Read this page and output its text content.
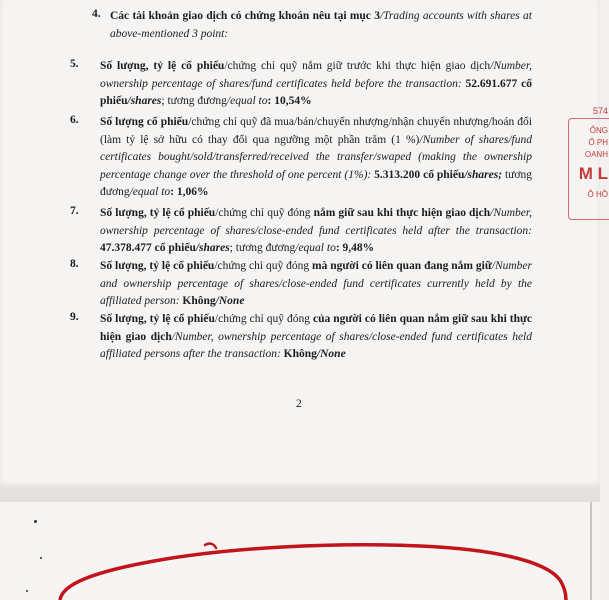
4. Các tài khoản giao dịch có chứng khoán nêu tại mục 3/Trading accounts with shares at above-mentioned 3 point:
5.	Số lượng, tỷ lệ cổ phiếu/chứng chỉ quỹ nắm giữ trước khi thực hiện giao dịch/Number, ownership percentage of shares/fund certificates held before the transaction: 52.691.677 cổ phiếu/shares; tương đương/equal to: 10,54%
6.	Số lượng cổ phiếu/chứng chỉ quỹ đã mua/bán/chuyển nhượng/nhận chuyển nhượng/hoán đổi (làm tỷ lệ sở hữu có thay đổi qua ngưỡng một phần trăm (1 %)/Number of shares/fund certificates bought/sold/transferred/received the transfer/swaped (making the ownership percentage change over the threshold of one percent (1%): 5.313.200 cổ phiếu/shares; tương đương/equal to: 1,06%
7.	Số lượng, tỷ lệ cổ phiếu/chứng chỉ quỹ đóng nắm giữ sau khi thực hiện giao dịch/Number, ownership percentage of shares/close-ended fund certificates held after the transaction: 47.378.477 cổ phiếu/shares; tương đương/equal to: 9,48%
8.	Số lượng, tỷ lệ cổ phiếu/chứng chỉ quỹ đóng mà người có liên quan đang nắm giữ/Number and ownership percentage of shares/close-ended fund certificates currently held by the affiliated person: Không/None
9.	Số lượng, tỷ lệ cổ phiếu/chứng chỉ quỹ đóng của người có liên quan nắm giữ sau khi thực hiện giao dịch/Number, ownership percentage of shares/close-ended fund certificates held affiliated persons after the transaction: Không/None
2
574
ÔNG
Ổ PH
OANH
M L
Ô HỒ
